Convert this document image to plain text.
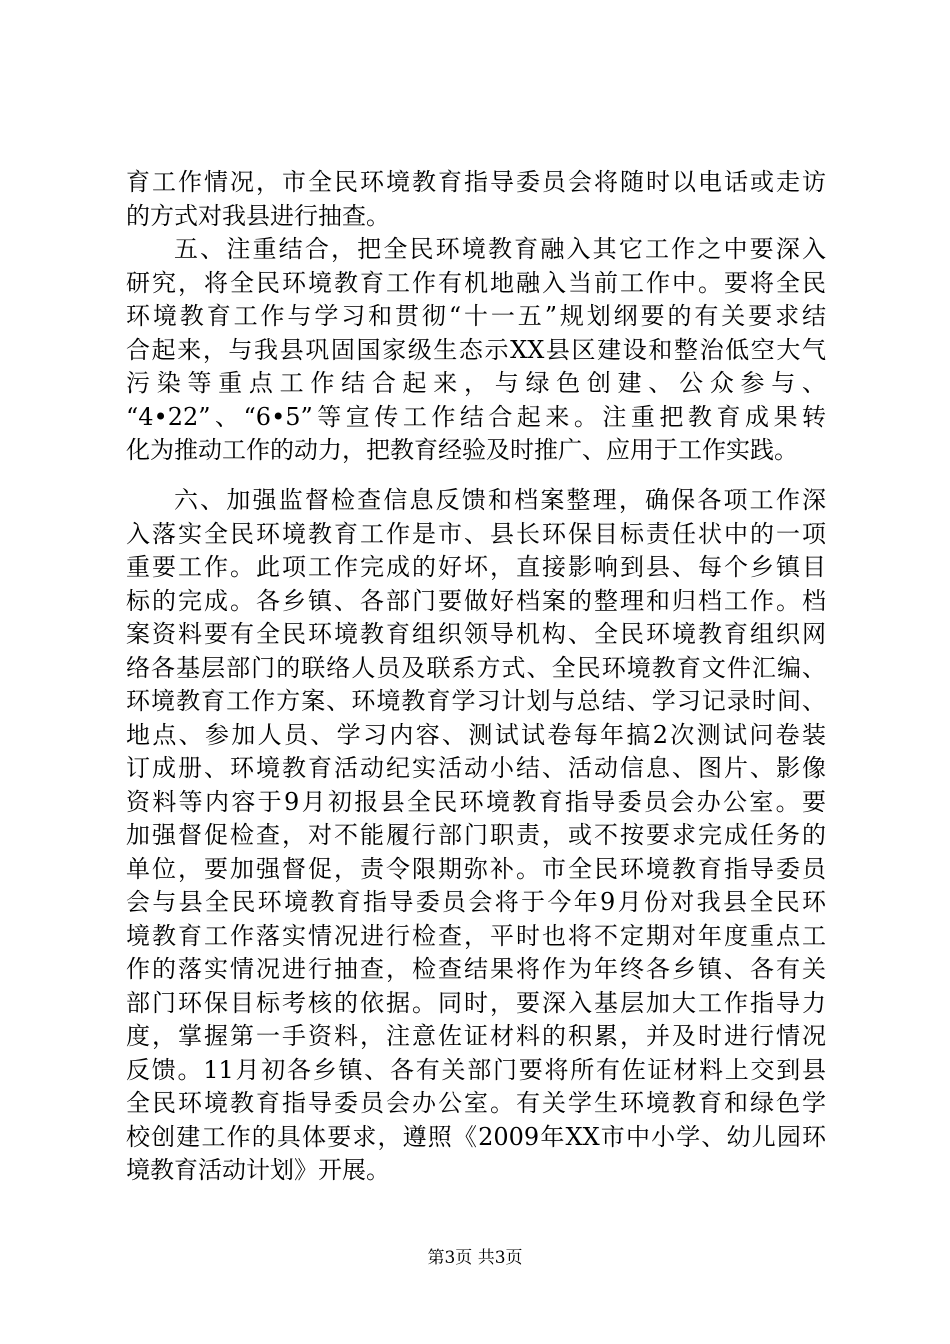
育工作情况，市全民环境教育指导委员会将随时以电话或走访
的方式对我县进行抽查。
五、注重结合，把全民环境教育融入其它工作之中要深入
研究，将全民环境教育工作有机地融入当前工作中。要将全民
环境教育工作与学习和贯彻“十一五”规划纲要的有关要求结
合起来，与我县巩固国家级生态示XX县区建设和整治低空大气
污染等重点工作结合起来，与绿色创建、公众参与、
“4•22”、“6•5”等宣传工作结合起来。注重把教育成果转
化为推动工作的动力，把教育经验及时推广、应用于工作实践。
六、加强监督检查信息反馈和档案整理，确保各项工作深
入落实全民环境教育工作是市、县长环保目标责任状中的一项
重要工作。此项工作完成的好坏，直接影响到县、每个乡镇目
标的完成。各乡镇、各部门要做好档案的整理和归档工作。档
案资料要有全民环境教育组织领导机构、全民环境教育组织网
络各基层部门的联络人员及联系方式、全民环境教育文件汇编、
环境教育工作方案、环境教育学习计划与总结、学习记录时间、
地点、参加人员、学习内容、测试试卷每年搞2次测试问卷装
订成册、环境教育活动纪实活动小结、活动信息、图片、影像
资料等内容于9月初报县全民环境教育指导委员会办公室。要
加强督促检查，对不能履行部门职责，或不按要求完成任务的
单位，要加强督促，责令限期弥补。市全民环境教育指导委员
会与县全民环境教育指导委员会将于今年9月份对我县全民环
境教育工作落实情况进行检查，平时也将不定期对年度重点工
作的落实情况进行抽查，检查结果将作为年终各乡镇、各有关
部门环保目标考核的依据。同时，要深入基层加大工作指导力
度，掌握第一手资料，注意佐证材料的积累，并及时进行情况
反馈。11月初各乡镇、各有关部门要将所有佐证材料上交到县
全民环境教育指导委员会办公室。有关学生环境教育和绿色学
校创建工作的具体要求，遵照《2009年XX市中小学、幼儿园环
境教育活动计划》开展。
第3页 共3页
